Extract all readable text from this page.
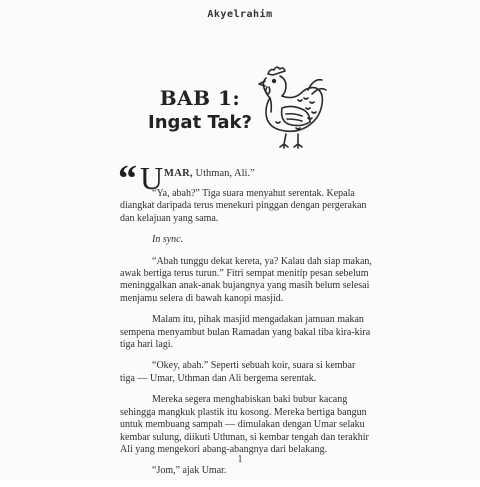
Akyelrahim
BAB 1:
Ingat Tak?
“ U MAR, Uthman, Ali.”

“Ya, abah?” Tiga suara menyahut serentak. Kepala diangkat daripada terus menekuri pinggan dengan pergerakan dan kelajuan yang sama.

In sync.

“Abah tunggu dekat kereta, ya? Kalau dah siap makan, awak bertiga terus turun.” Fitri sempat menitip pesan sebelum meninggalkan anak-anak bujangnya yang masih belum selesai menjamu selera di bawah kanopi masjid.

Malam itu, pihak masjid mengadakan jamuan makan sempena menyambut bulan Ramadan yang bakal tiba kira-kira tiga hari lagi.

“Okey, abah.” Seperti sebuah koir, suara si kembar tiga — Umar, Uthman dan Ali bergema serentak.

Mereka segera menghabiskan baki bubur kacang sehingga mangkuk plastik itu kosong. Mereka bertiga bangun untuk membuang sampah — dimulakan dengan Umar selaku kembar sulung, diikuti Uthman, si kembar tengah dan terakhir Ali yang mengekori abang-abangnya dari belakang.

“Jom,” ajak Umar.

1
